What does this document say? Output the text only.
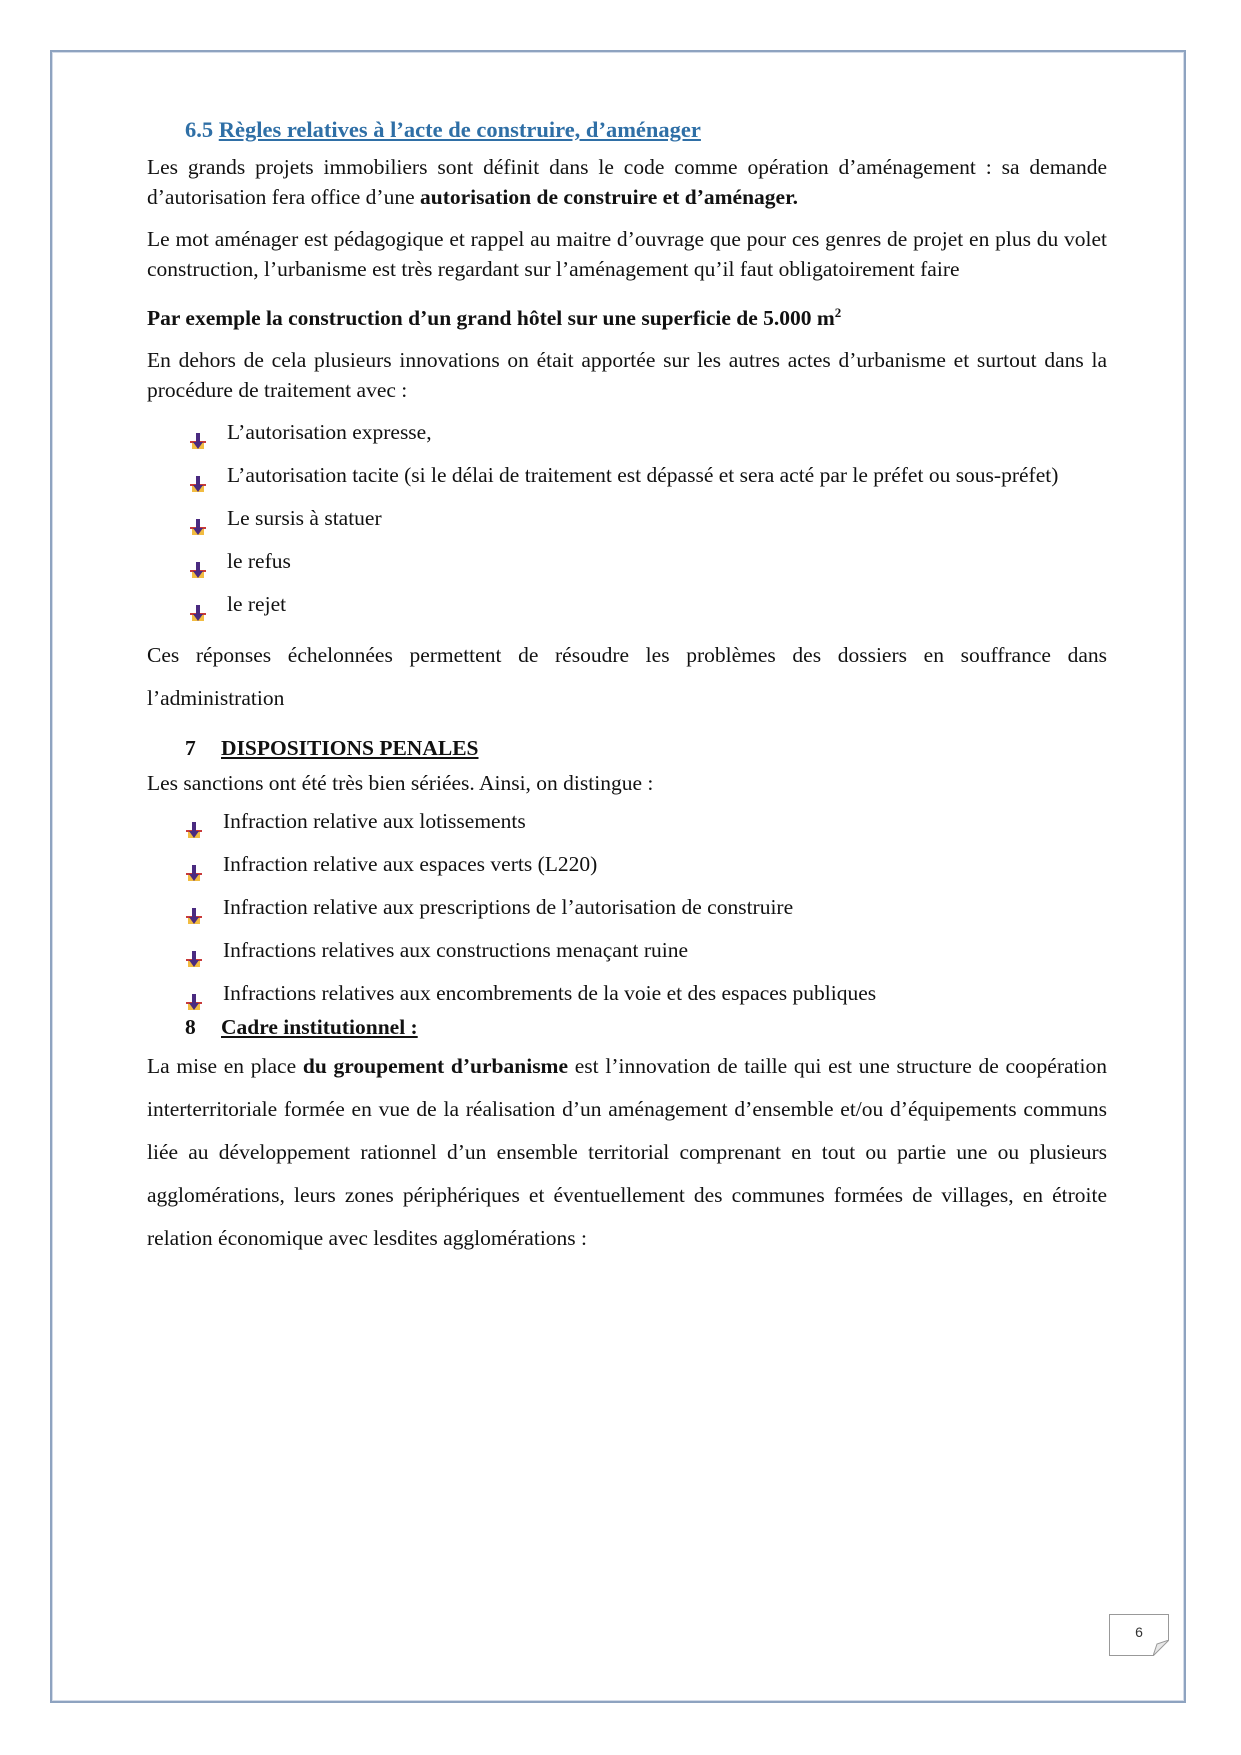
6.5 Règles relatives à l’acte de construire, d’aménager

Les grands projets immobiliers sont définit dans le code comme opération d’aménagement : sa demande d’autorisation fera office d’une autorisation de construire et d’aménager.

Le mot aménager est pédagogique et rappel au maitre d’ouvrage que pour ces genres de projet en plus du volet construction, l’urbanisme est très regardant sur l’aménagement qu’il faut obligatoirement faire

Par exemple la construction d’un grand hôtel sur une superficie de 5.000 $m^2$

En dehors de cela plusieurs innovations on était apportée sur les autres actes d’urbanisme et surtout dans la procédure de traitement avec :

L’autorisation expresse,
L’autorisation tacite (si le délai de traitement est dépassé et sera acté par le préfet ou sous-préfet)
Le sursis à statuer
le refus
le rejet

Ces réponses échelonnées permettent de résoudre les problèmes des dossiers en souffrance dans l’administration

7 DISPOSITIONS PENALES

Les sanctions ont été très bien sériées. Ainsi, on distingue :

Infraction relative aux lotissements
Infraction relative aux espaces verts (L220)
Infraction relative aux prescriptions de l’autorisation de construire
Infractions relatives aux constructions menaçant ruine
Infractions relatives aux encombrements de la voie et des espaces publiques
8 Cadre institutionnel :

La mise en place du groupement d’urbanisme est l’innovation de taille qui est une structure de coopération interterritoriale formée en vue de la réalisation d’un aménagement d’ensemble et/ou d’équipements communs liée au développement rationnel d’un ensemble territorial comprenant en tout ou partie une ou plusieurs agglomérations, leurs zones périphériques et éventuellement des communes formées de villages, en étroite relation économique avec lesdites agglomérations :

6
